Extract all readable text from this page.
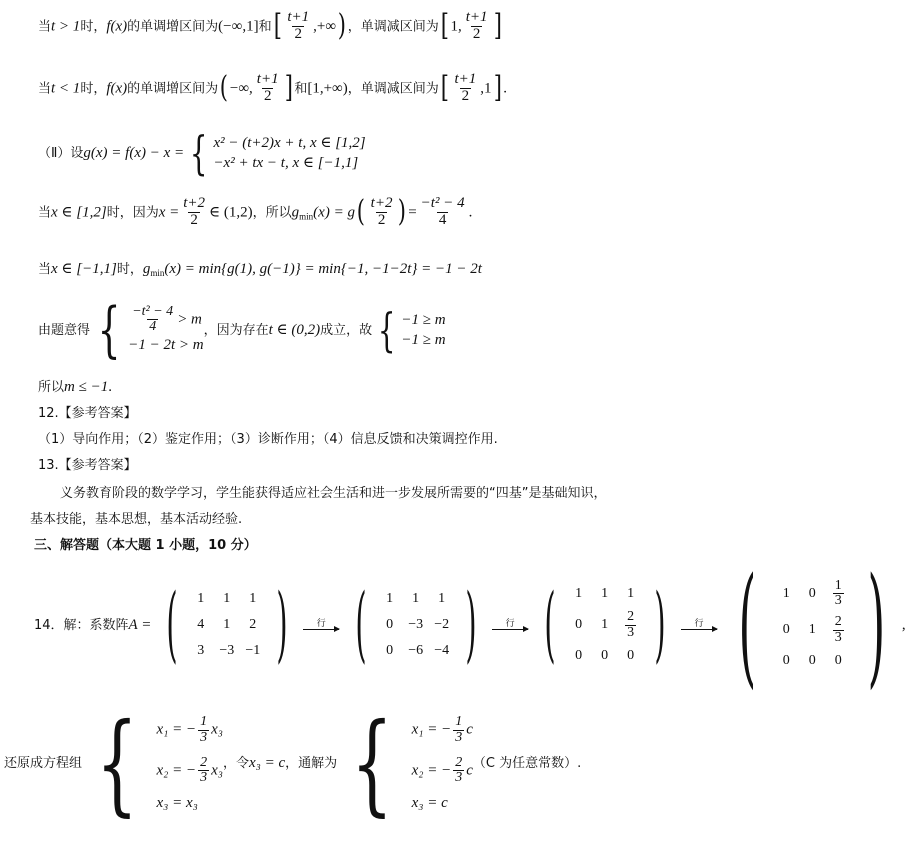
当t > 1时，f(x)的单调增区间为(−∞,1]和[ $\frac{t+1}{2}$ ,+∞) ，单调减区间为[ 1, $\frac{t+1}{2}$ ]
当t < 1时，f(x)的单调增区间为( −∞, $\frac{t+1}{2}$ ] 和[1,+∞)，单调减区间为[ $\frac{t+1}{2} ,1$] .
（Ⅱ）设g(x) = f(x) − x = { x² − (t+2)x + t, x ∈ [1,2]
−x² + tx − t, x ∈ [−1,1]
当x ∈ [1,2]时，因为$x = \frac{t+2}{2}$ ∈ (1,2)，所以$g_{min}(x) = g( \frac{t+2}{2}$ ) = $\frac{\text{−t² − 4}}{4}$ .
当x ∈ [−1,1]时，$g_{min}(x) = \min\{g(1)$, g(−1)} = min{−1, −1−2t} = −1 − 2t
由题意得 { $\frac{\text{−t² − 4}}{4} > m$
−1 − 2t > m
，因为存在t ∈ (0,2)成立，故 { −1 ≥ m
−1 ≥ m
所以m ≤ −1.
12.【参考答案】
（1）导向作用；（2）鉴定作用；（3）诊断作用；（4）信息反馈和决策调控作用.
13.【参考答案】
义务教育阶段的数学学习，学生能获得适应社会生活和进一步发展所需要的“四基”是基础知识，
基本技能，基本思想，基本活动经验.
三、解答题（本大题 1 小题，10 分）
14．解：系数阵A = (	1	1	1
4	1	2
3	−3 −1 )
	行
(	1	1	1
0	−3 −2
0	−6 −4 )
	行
(	1	1	1
0	1	$\frac{2}{3}$
0	0	0 )
	行
(	1	0	$\frac{1}{3}$
0	1	$\frac{2}{3}$
0	0	0 ) ,
还原成方程组 { x₁ = − $\frac{1}{3} x_3$
x₂ = − $\frac{2}{3} x_3$
x₃ = x₃
，令x₃ = c，通解为 { x₁ = − $\frac{1}{3}$ c
x₂ = − $\frac{2}{3}$ c
x₃ = c
（C 为任意常数）.
